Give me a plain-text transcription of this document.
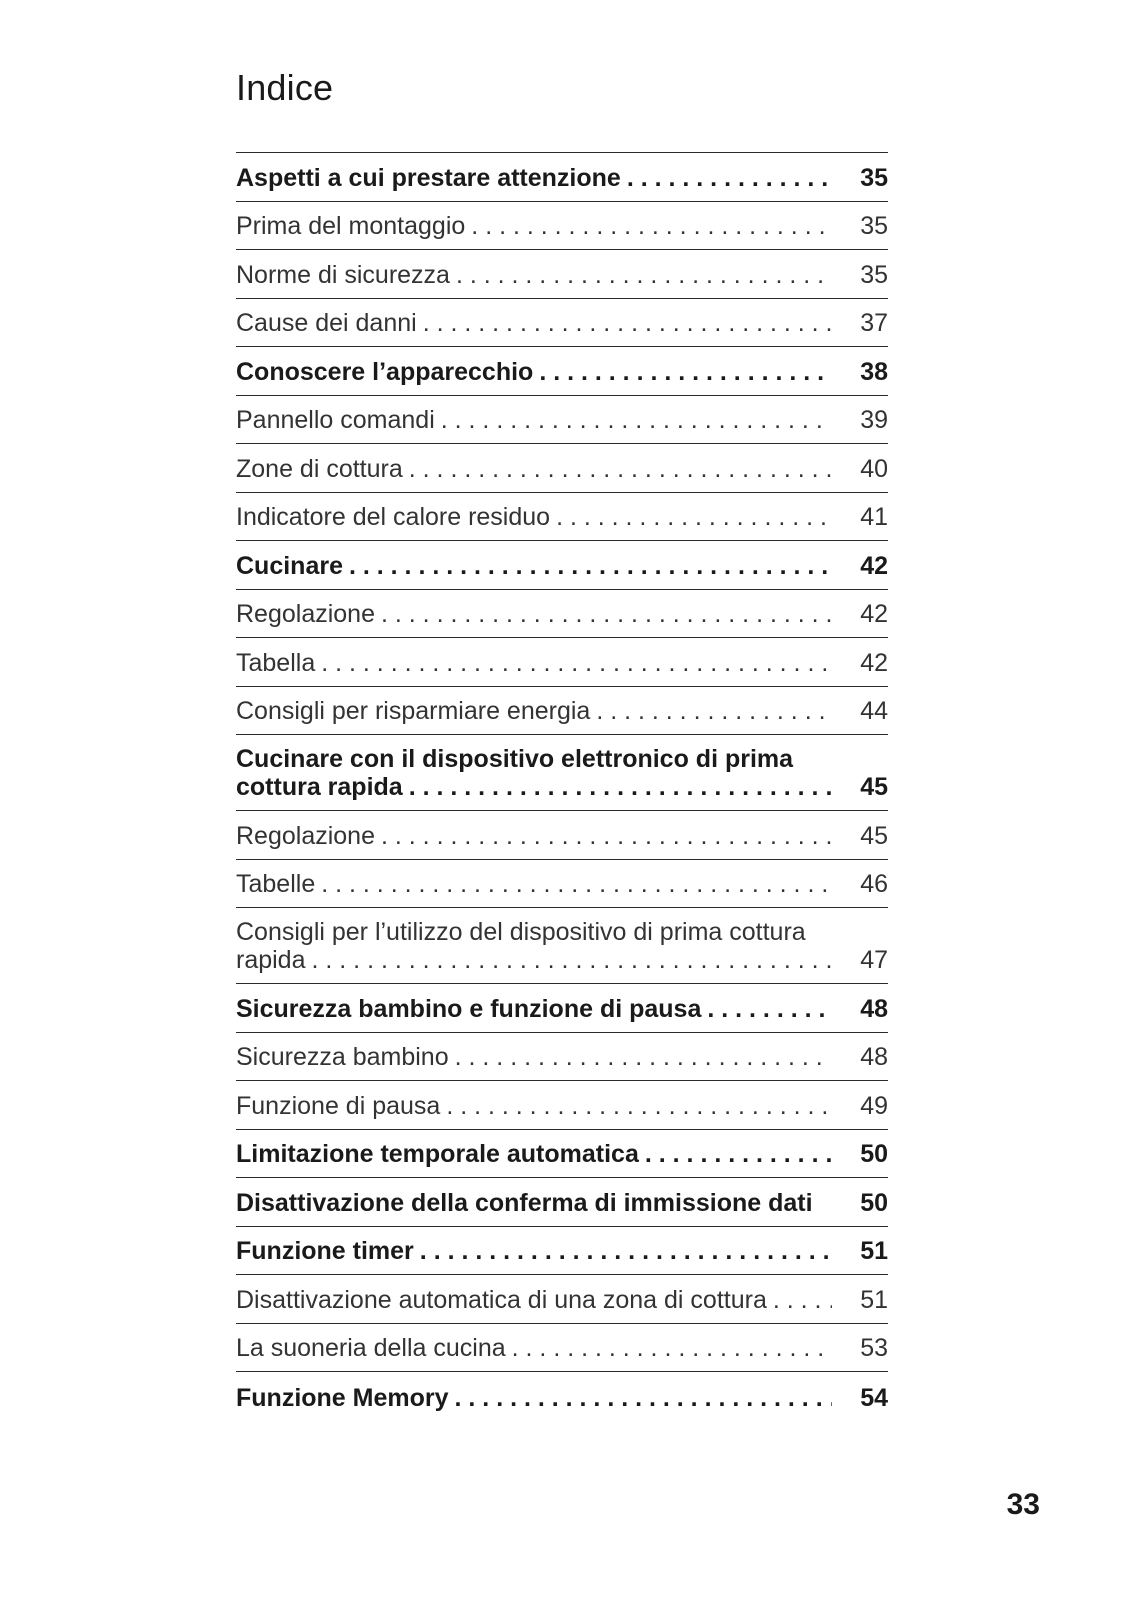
Indice
Aspetti a cui prestare attenzione . . .	35
Prima del montaggio . . .	35
Norme di sicurezza . . .	35
Cause dei danni . . .	37
Conoscere l’apparecchio . . .	38
Pannello comandi . . .	39
Zone di cottura . . .	40
Indicatore del calore residuo . . .	41
Cucinare . . .	42
Regolazione . . .	42
Tabella . . .	42
Consigli per risparmiare energia . . .	44
Cucinare con il dispositivo elettronico di prima
cottura rapida . . .	45
Regolazione . . .	45
Tabelle . . .	46
Consigli per l’utilizzo del dispositivo di prima cottura
rapida . . .	47
Sicurezza bambino e funzione di pausa . . .	48
Sicurezza bambino . . .	48
Funzione di pausa . . .	49
Limitazione temporale automatica . . .	50
Disattivazione della conferma di immissione dati	50
Funzione timer . . .	51
Disattivazione automatica di una zona di cottura . . .	51
La suoneria della cucina . . .	53
Funzione Memory . . .	54
33
